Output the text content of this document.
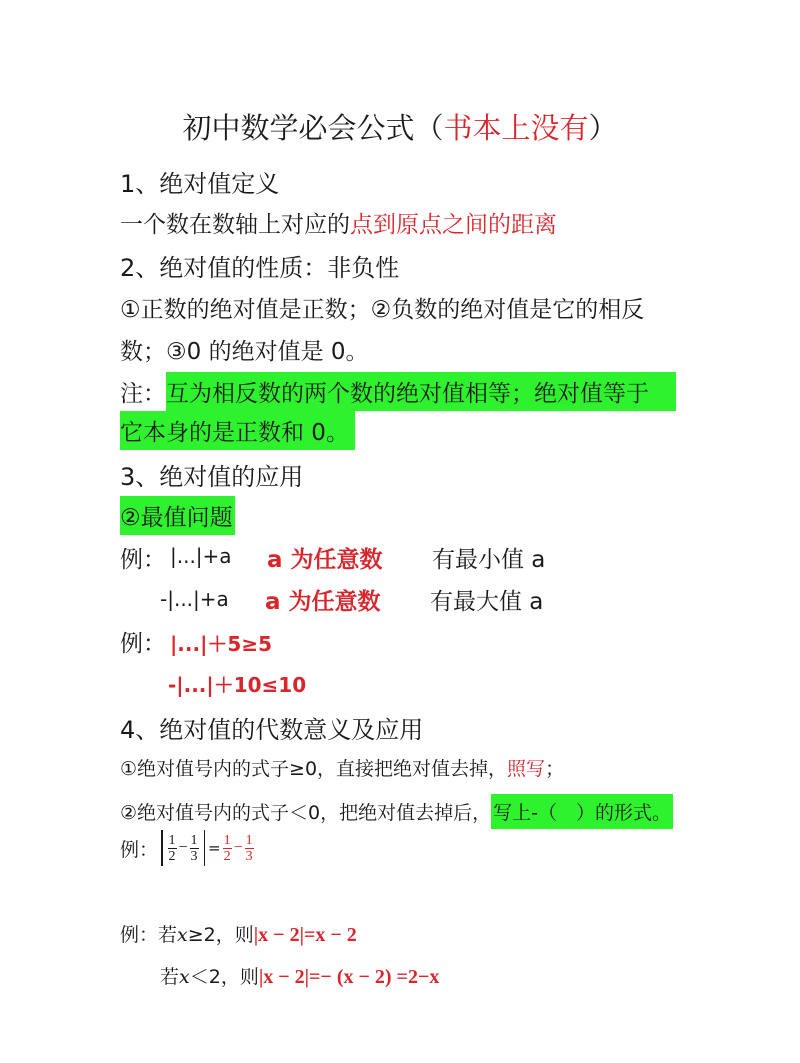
初中数学必会公式（书本上没有）
1、绝对值定义
一个数在数轴上对应的点到原点之间的距离
2、绝对值的性质：非负性
①正数的绝对值是正数；②负数的绝对值是它的相反
数；③0 的绝对值是 0。
注：互为相反数的两个数的绝对值相等；绝对值等于
它本身的是正数和 0。
3、绝对值的应用
②最值问题
例： |...|+a a 为任意数 有最小值 a
-|...|+a a 为任意数 有最大值 a
例： |...|＋5≥5
-|...|＋10≤10
4、绝对值的代数意义及应用
①绝对值号内的式子≥0，直接把绝对值去掉，照写；
②绝对值号内的式子＜0，把绝对值去掉后， 写上-（　）的形式。
例： $\frac{1}{2} - \frac{1}{3} = \frac{1}{2} - \frac{1}{3}$
例：若x≥2，则|x − 2|=x − 2
若x＜2，则|x − 2|=− (x − 2) =2−x
